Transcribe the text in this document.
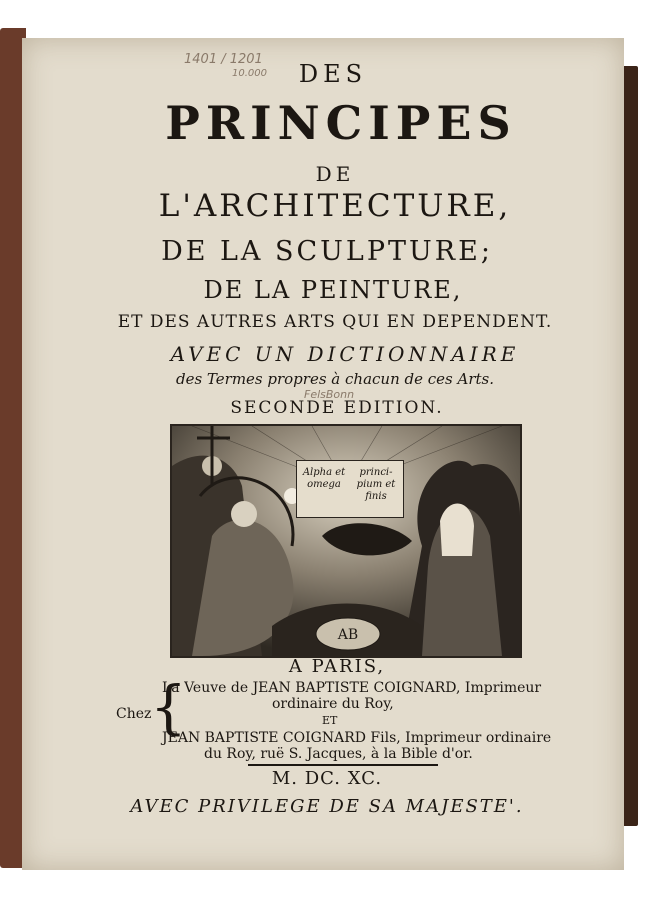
1401 / 1201
10.000	DES
PRINCIPES
DE
L'ARCHITECTURE,
DE LA SCULPTURE;
DE LA PEINTURE,
ET DES AUTRES ARTS QUI EN DEPENDENT.
AVEC UN DICTIONNAIRE
des Termes propres à chacun de ces Arts.
FelsBonn
SECONDE EDITION.
AB
Alpha et omega
princi-pium et finis
A PARIS,
Chez
{
La Veuve de JEAN BAPTISTE COIGNARD, Imprimeur
ordinaire du Roy,
ET
JEAN BAPTISTE COIGNARD Fils, Imprimeur ordinaire
du Roy, ruë S. Jacques, à la Bible d'or.
M. DC. XC.
AVEC PRIVILEGE DE SA MAJESTE'.
